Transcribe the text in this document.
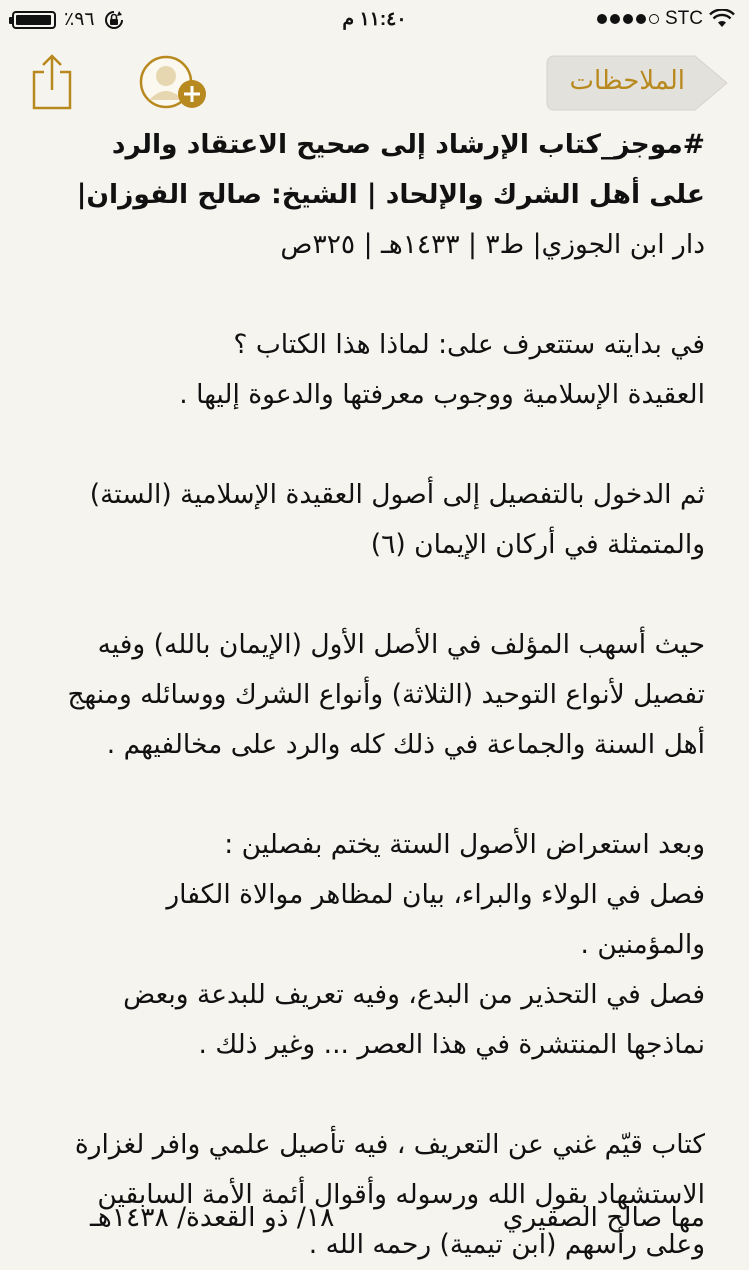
٪٩٦	١١:٤٠ م	STC
الملاحظات

#موجز_كتاب الإرشاد إلى صحيح الاعتقاد والرد على أهل الشرك والإلحاد | الشيخ: صالح الفوزان| دار ابن الجوزي| ط٣ | ١٤٣٣هـ | ٣٢٥ص

في بدايته ستتعرف على: لماذا هذا الكتاب ؟
العقيدة الإسلامية ووجوب معرفتها والدعوة إليها .

ثم الدخول بالتفصيل إلى أصول العقيدة الإسلامية (الستة) والمتمثلة في أركان الإيمان (٦)

حيث أسهب المؤلف في الأصل الأول (الإيمان بالله) وفيه تفصيل لأنواع التوحيد (الثلاثة) وأنواع الشرك ووسائله ومنهج أهل السنة والجماعة في ذلك كله والرد على مخالفيهم .

وبعد استعراض الأصول الستة يختم بفصلين :
فصل في الولاء والبراء، بيان لمظاهر موالاة الكفار والمؤمنين .
فصل في التحذير من البدع، وفيه تعريف للبدعة وبعض نماذجها المنتشرة في هذا العصر ... وغير ذلك .

كتاب قيّم غني عن التعريف ، فيه تأصيل علمي وافر لغزارة الاستشهاد بقول الله ورسوله وأقوال أئمة الأمة السابقين وعلى رأسهم (ابن تيمية) رحمه الله .

مها صالح الصقيري
١٨/ ذو القعدة/ ١٤٣٨هـ
